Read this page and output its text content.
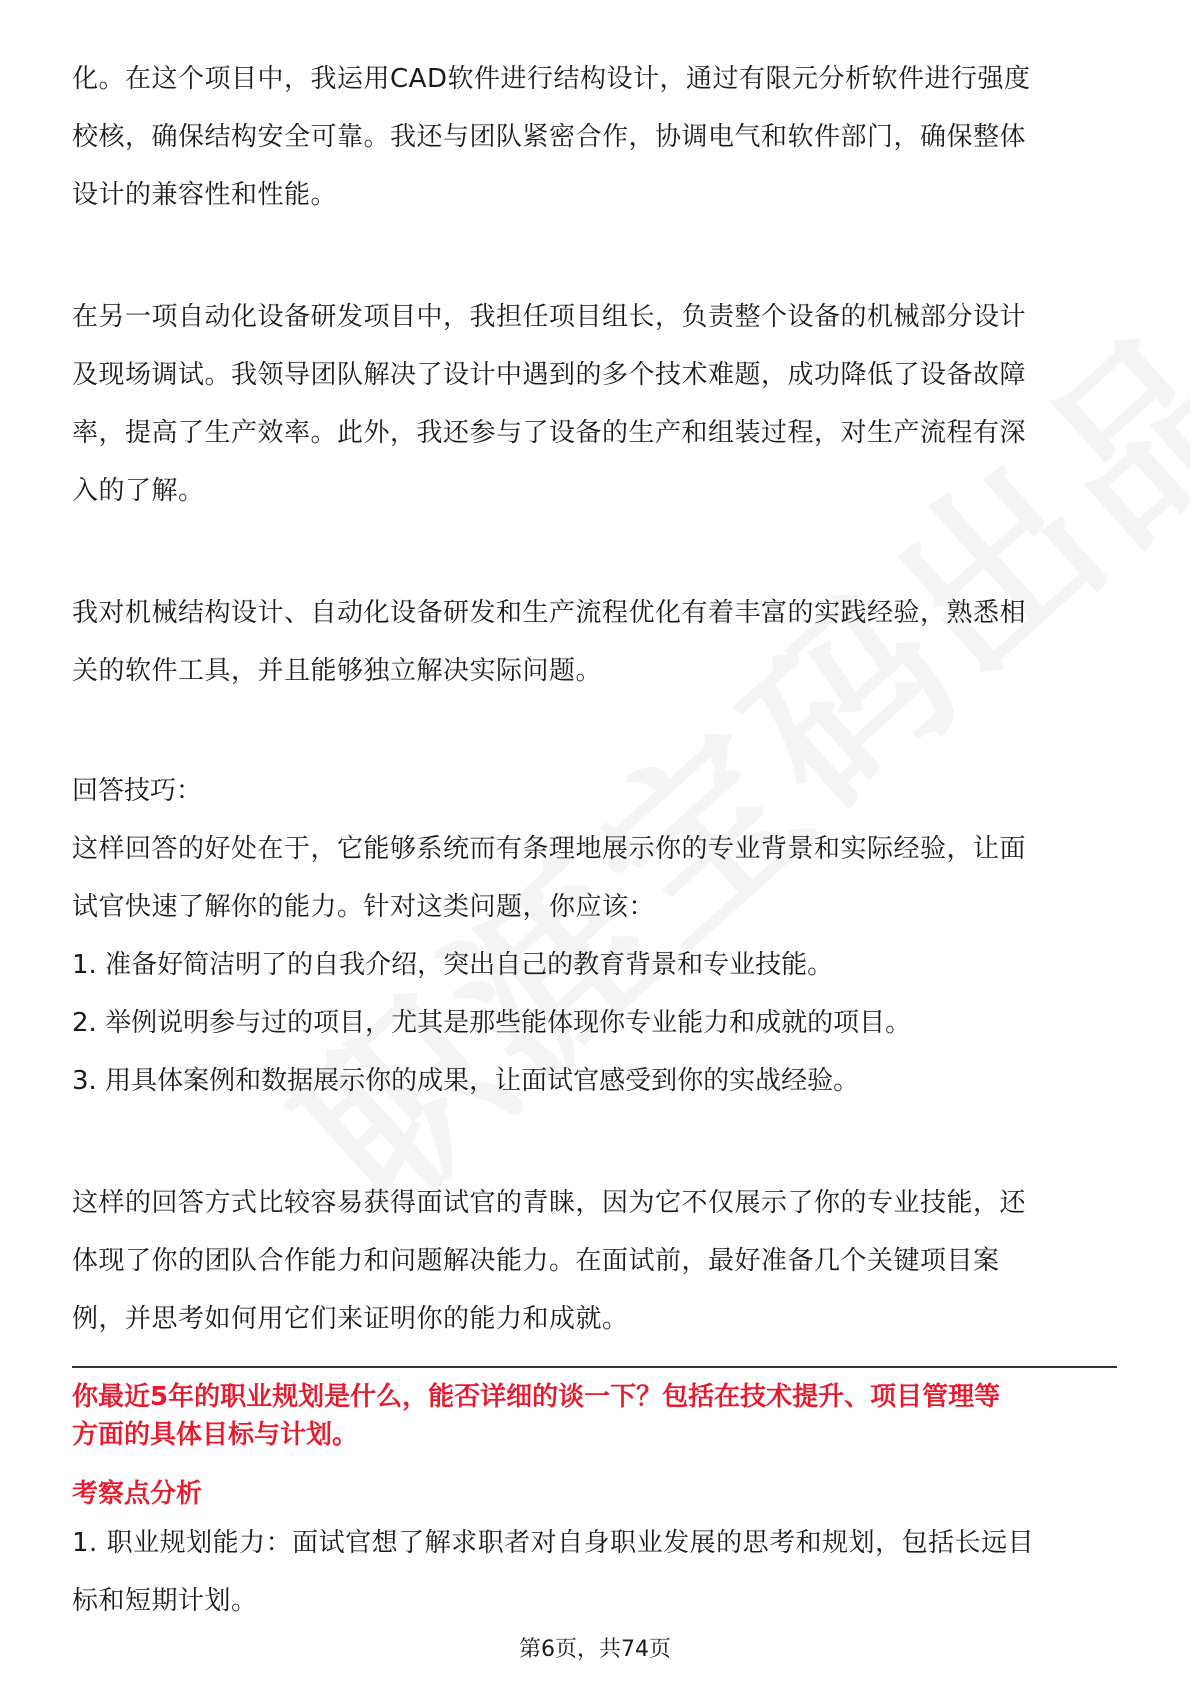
化。在这个项目中，我运用CAD软件进行结构设计，通过有限元分析软件进行强度
校核，确保结构安全可靠。我还与团队紧密合作，协调电气和软件部门，确保整体
设计的兼容性和性能。

在另一项自动化设备研发项目中，我担任项目组长，负责整个设备的机械部分设计
及现场调试。我领导团队解决了设计中遇到的多个技术难题，成功降低了设备故障
率，提高了生产效率。此外，我还参与了设备的生产和组装过程，对生产流程有深
入的了解。

我对机械结构设计、自动化设备研发和生产流程优化有着丰富的实践经验，熟悉相
关的软件工具，并且能够独立解决实际问题。

回答技巧：

这样回答的好处在于，它能够系统而有条理地展示你的专业背景和实际经验，让面
试官快速了解你的能力。针对这类问题，你应该：

1. 准备好简洁明了的自我介绍，突出自己的教育背景和专业技能。

2. 举例说明参与过的项目，尤其是那些能体现你专业能力和成就的项目。

3. 用具体案例和数据展示你的成果，让面试官感受到你的实战经验。

这样的回答方式比较容易获得面试官的青睐，因为它不仅展示了你的专业技能，还
体现了你的团队合作能力和问题解决能力。在面试前，最好准备几个关键项目案
例，并思考如何用它们来证明你的能力和成就。

你最近5年的职业规划是什么，能否详细的谈一下？包括在技术提升、项目管理等
方面的具体目标与计划。

考察点分析

1. 职业规划能力：面试官想了解求职者对自身职业发展的思考和规划，包括长远目
标和短期计划。

第6页，共74页
